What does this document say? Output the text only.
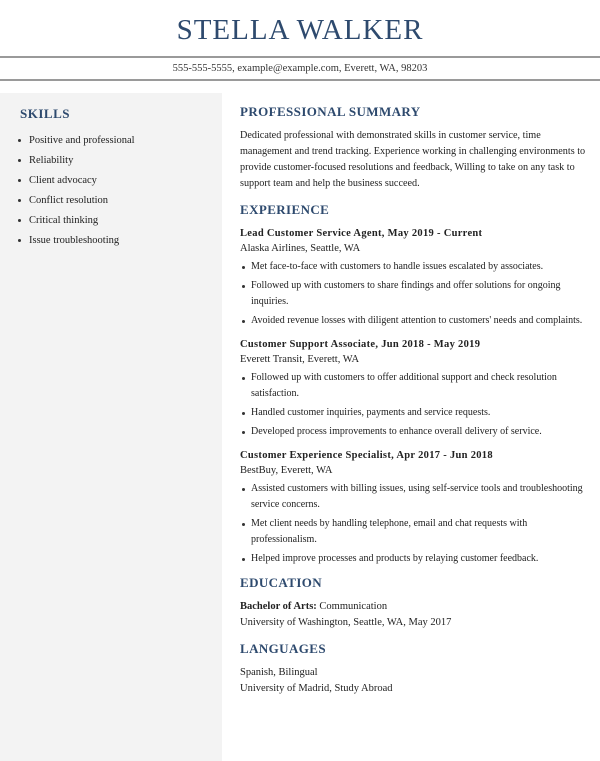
STELLA WALKER
555-555-5555, example@example.com, Everett, WA, 98203
SKILLS
Positive and professional
Reliability
Client advocacy
Conflict resolution
Critical thinking
Issue troubleshooting
PROFESSIONAL SUMMARY

Dedicated professional with demonstrated skills in customer service, time management and trend tracking. Experience working in challenging environments to provide customer-focused resolutions and feedback, Willing to take on any task to support team and help the business succeed.

EXPERIENCE
Lead Customer Service Agent, May 2019 - Current
Alaska Airlines, Seattle, WA
Met face-to-face with customers to handle issues escalated by associates.
Followed up with customers to share findings and offer solutions for ongoing inquiries.
Avoided revenue losses with diligent attention to customers' needs and complaints.
Customer Support Associate, Jun 2018 - May 2019
Everett Transit, Everett, WA
Followed up with customers to offer additional support and check resolution satisfaction.
Handled customer inquiries, payments and service requests.
Developed process improvements to enhance overall delivery of service.
Customer Experience Specialist, Apr 2017 - Jun 2018
BestBuy, Everett, WA
Assisted customers with billing issues, using self-service tools and troubleshooting service concerns.
Met client needs by handling telephone, email and chat requests with professionalism.
Helped improve processes and products by relaying customer feedback.
EDUCATION
Bachelor of Arts: Communication
University of Washington, Seattle, WA, May 2017
LANGUAGES
Spanish, Bilingual
University of Madrid, Study Abroad
